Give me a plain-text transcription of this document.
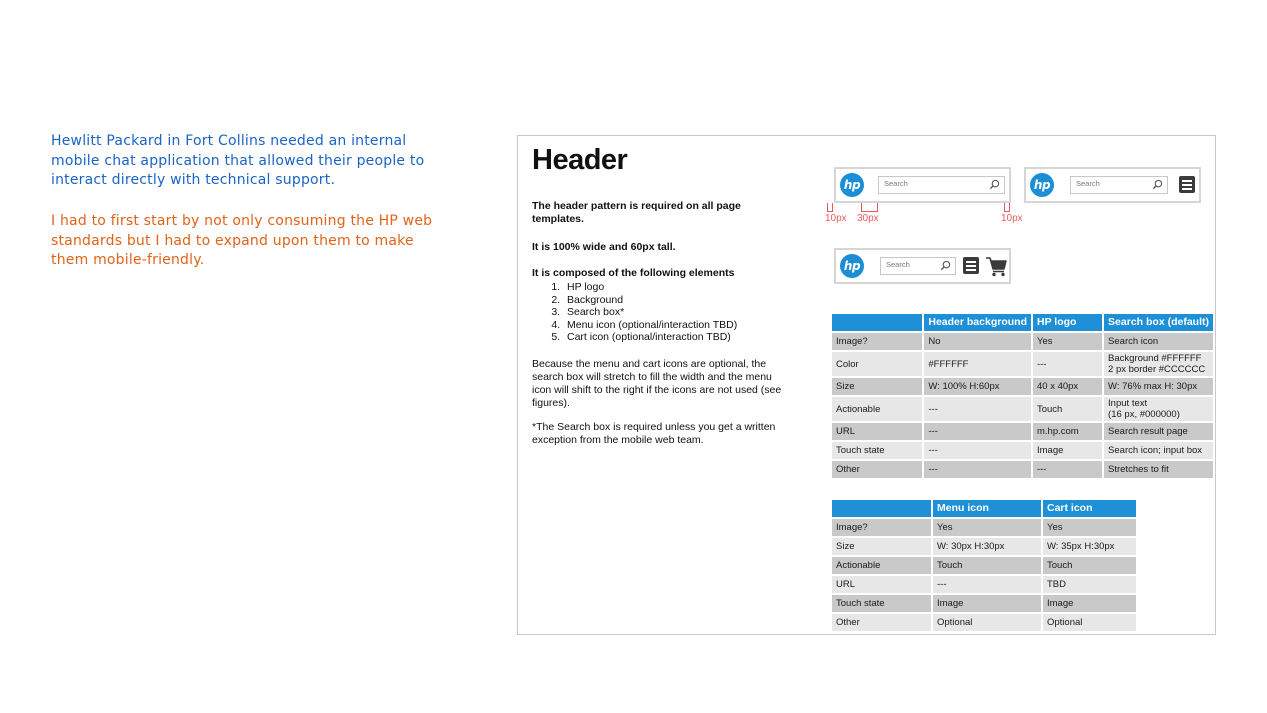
Hewlitt Packard in Fort Collins needed an internal mobile chat application that allowed their people to interact directly with technical support.
I had to first start by not only consuming the HP web standards but I had to expand upon them to make them mobile-friendly.
Header
The header pattern is required on all page templates.
It is 100% wide and 60px tall.
It is composed of the following elements
1. HP logo
2. Background
3. Search box*
4. Menu icon (optional/interaction TBD)
5. Cart icon (optional/interaction TBD)
Because the menu and cart icons are optional, the search box will stretch to fill the width and the menu icon will shift to the right if the icons are not used (see figures).
*The Search box is required unless you get a written exception from the mobile web team.
hp	Search
10px 30px	10px
hp	Search
hp	Search
	Header background	HP logo	Search box (default)
Image?	No	Yes	Search icon
Color	#FFFFFF	---	Background #FFFFFF
2 px border #CCCCCC

Size	W: 100% H:60px	40 x 40px	W: 76% max H: 30px
Actionable	---	Touch	Input text
(16 px, #000000)

URL	---	m.hp.com	Search result page
Touch state	---	Image	Search icon; input box
Other	---	---	Stretches to fit
	Menu icon	Cart icon
Image?	Yes	Yes
Size	W: 30px H:30px	W: 35px H:30px
Actionable	Touch	Touch
URL	---	TBD
Touch state	Image	Image
Other	Optional	Optional
